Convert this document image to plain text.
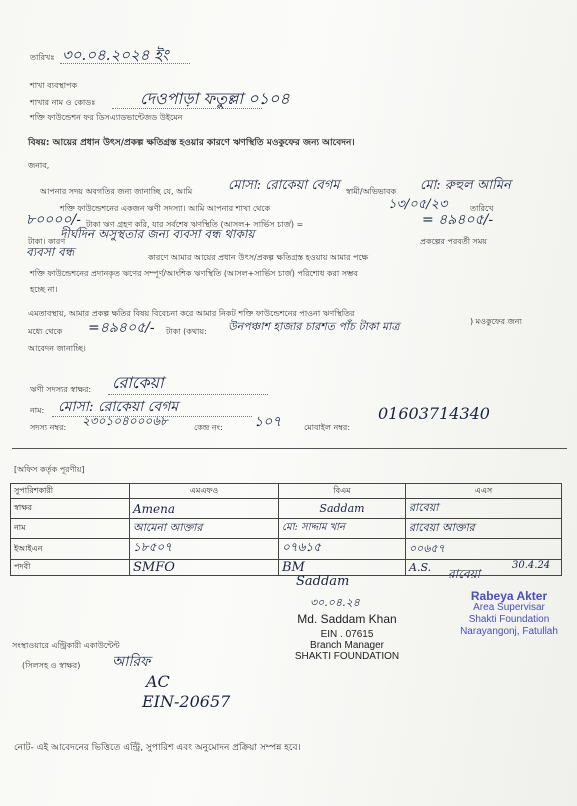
তারিখঃ ৩০.০৪.২০২৪ ইং
শাখা ব্যবস্থাপক
শাখার নাম ও কোডঃ	দেওপাড়া ফতুল্লা ০১০৪
শক্তি ফাউন্ডেশন ফর ডিসএ্যাডভান্টেজড উইমেন
বিষয়: আয়ের প্রধান উৎস/প্রকল্প ক্ষতিগ্রস্ত হওয়ার কারণে ঋণস্থিতি মওকুফের জন্য আবেদন।
জনাব,
আপনার সদয় অবগতির জন্য জানাচ্ছি যে, আমি	মোসা: রোকেয়া বেগম স্বামী/অভিভাবক মো: রুহুল আমিন
শক্তি ফাউন্ডেশনের একজন ঋণী সদস্যা। আমি আপনার শাখা থেকে	১৩/০৫/২৩	তারিখে
৮০০০০/- টাকা ঋণ গ্রহণ করি, যার সর্বশেষ ঋণস্থিতি (আসল+ সার্ভিস চার্জ) =	= ৪৯৪০৫/-
টাকা। কারণ
দীর্ঘদিন অসুস্থতার জন্য ব্যবসা বন্ধ থাকায়
প্রকল্পের পরবর্তী সময়
ব্যবসা বন্ধ	কারণে আমার আয়ের প্রধান উৎস/প্রকল্প ক্ষতিগ্রস্ত হওয়ায় আমার পক্ষে
শক্তি ফাউন্ডেশনের প্রদানকৃত ঋণের সম্পূর্ণ/আংশিক ঋণস্থিতি (আসল+সার্ভিস চার্জ) পরিশোধ করা সম্ভব
হচ্ছে না।
এমতাবস্থায়, আমার প্রকল্প ক্ষতির বিষয় বিবেচনা করে আমার নিকট শক্তি ফাউন্ডেশনের পাওনা ঋণস্থিতির
মধ্যে থেকে =৪৯৪০৫/- টাকা (কথায়: উনপঞ্চাশ হাজার চারশত পাঁচ টাকা মাত্র	) মওকুফের জন্য
আবেদন জানাচ্ছি।
ঋণী সদস্যর স্বাক্ষর: রোকেয়া
নাম: মোসা: রোকেয়া বেগম
সদস্য নম্বর: ২৩০১০৪০০০৬৮	কেন্দ্র নং: ১০৭	মোবাইল নম্বর:
01603714340
[অফিস কর্তৃক পূরণীয়]
সুপারিশকারী	এমএফও	বিএম	এএস
স্বাক্ষর	Amena	Saddam	রাবেয়া
নাম	আমেনা আক্তার	মো: সাদ্দাম খান	রাবেয়া আক্তার
ইআইএন	১৮৫০৭	০৭৬১৫	০০৬৫৭
পদবী	SMFO	BM	A.S.
Saddam
৩০.০৪.২৪
Md. Saddam Khan
EIN . 07615
Branch Manager
SHAKTI FOUNDATION
রাবেয়া
30.4.24
Rabeya Akter
Area Supervisar
Shakti Foundation
Narayangonj, Fatullah
সংস্থাওয়ারে এন্ট্রিকারী একাউন্টেন্ট
(সিলসহ ও স্বাক্ষর) আরিফ
AC
EIN-20657
নোট- এই আবেদনের ভিত্তিতে এন্ট্রি, সুপারিশ এবং অনুমোদন প্রক্রিয়া সম্পন্ন হবে।
